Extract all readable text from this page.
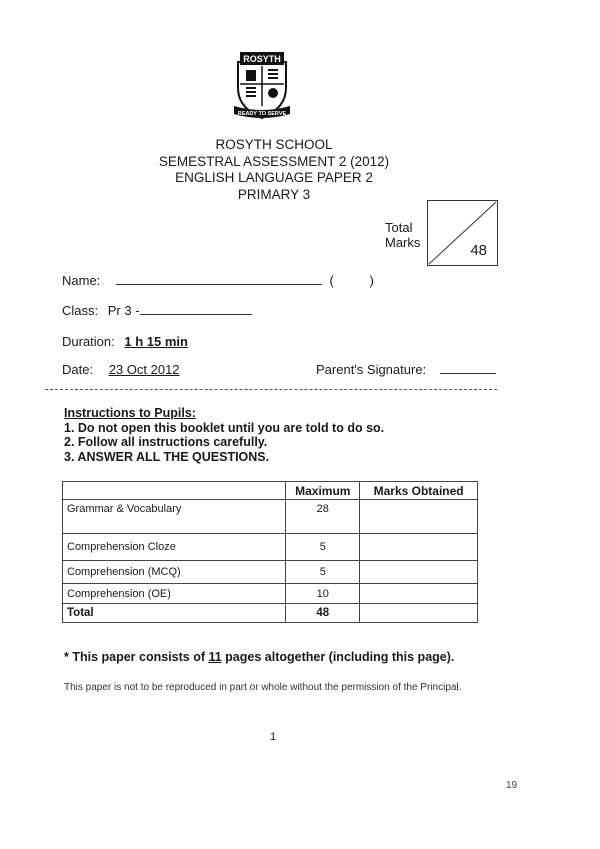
ROSYTH
READY TO SERVE
ROSYTH SCHOOL
SEMESTRAL ASSESSMENT 2 (2012)
ENGLISH LANGUAGE PAPER 2
PRIMARY 3
Total
Marks	48
Name:	(	)
Class: Pr 3 -
Duration: 1 h 15 min
Date: 23 Oct 2012	Parent's Signature:
Instructions to Pupils:
1. Do not open this booklet until you are told to do so.
2. Follow all instructions carefully.
3. ANSWER ALL THE QUESTIONS.
	Maximum	Marks Obtained
Grammar & Vocabulary	28	
Comprehension Cloze	5	
Comprehension (MCQ)	5	
Comprehension (OE)	10	
Total	48	
* This paper consists of 11 pages altogether (including this page).
This paper is not to be reproduced in part or whole without the permission of the Principal.
1
19
